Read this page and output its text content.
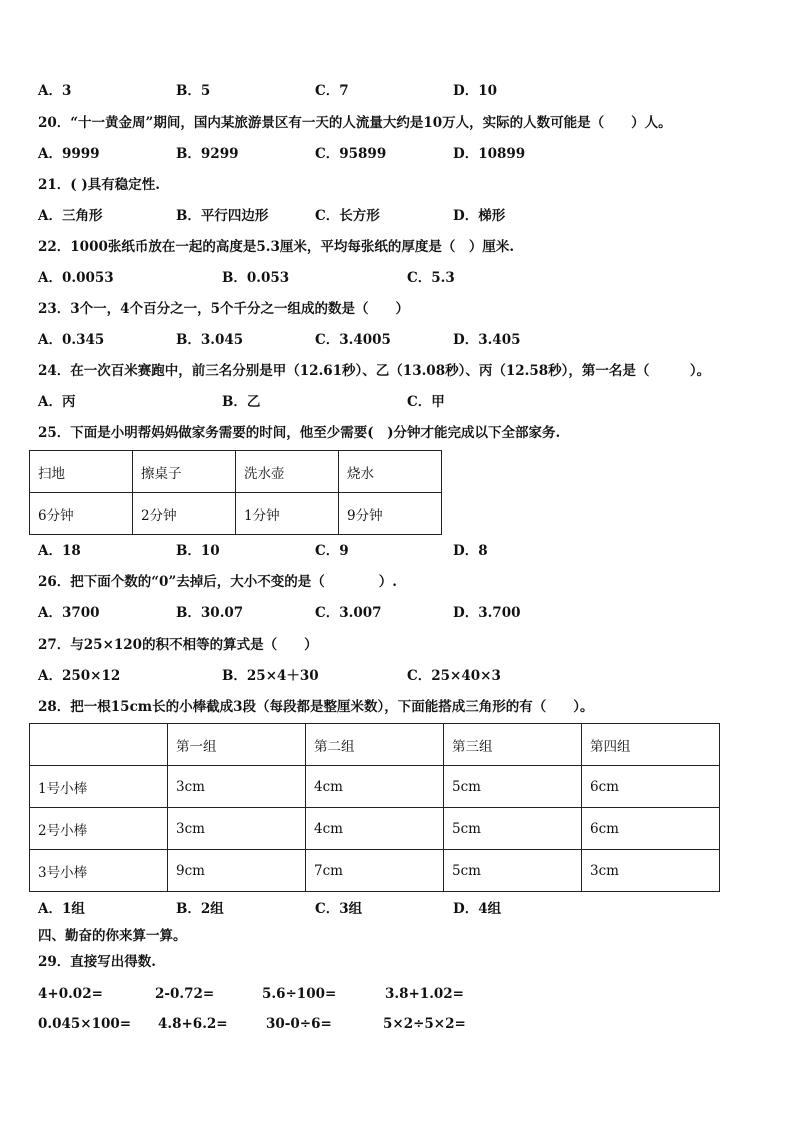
A．3	B．5	C．7	D．10
20．“十一黄金周”期间，国内某旅游景区有一天的人流量大约是10万人，实际的人数可能是（　　）人。
A．9999	B．9299	C．95899	D．10899
21．( )具有稳定性.
A．三角形	B．平行四边形	C．长方形	D．梯形
22．1000张纸币放在一起的高度是5.3厘米，平均每张纸的厚度是（　）厘米.
A．0.0053	B．0.053	C．5.3
23．3个一，4个百分之一，5个千分之一组成的数是（　　）
A．0.345	B．3.045	C．3.4005	D．3.405
24．在一次百米赛跑中，前三名分别是甲（12.61秒）、乙（13.08秒）、丙（12.58秒），第一名是（　　　）。
A．丙	B．乙	C．甲
25．下面是小明帮妈妈做家务需要的时间，他至少需要(　)分钟才能完成以下全部家务.
扫地	擦桌子	洗水壶	烧水
6分钟	2分钟	1分钟	9分钟
A．18	B．10	C．9	D．8
26．把下面个数的“0”去掉后，大小不变的是（　　　　）.
A．3700	B．30.07	C．3.007	D．3.700
27．与25×120的积不相等的算式是（　　）
A．250×12	B．25×4＋30	C．25×40×3
28．把一根15cm长的小棒截成3段（每段都是整厘米数），下面能搭成三角形的有（　　）。
	第一组	第二组	第三组	第四组
1号小棒	3cm	4cm	5cm	6cm
2号小棒	3cm	4cm	5cm	6cm
3号小棒	9cm	7cm	5cm	3cm
A．1组	B．2组	C．3组	D．4组
四、勤奋的你来算一算。
29．直接写出得数.
4+0.02=	2-0.72=	5.6÷100=	3.8+1.02=
0.045×100= 4.8+6.2=	30-0÷6=	5×2÷5×2=
